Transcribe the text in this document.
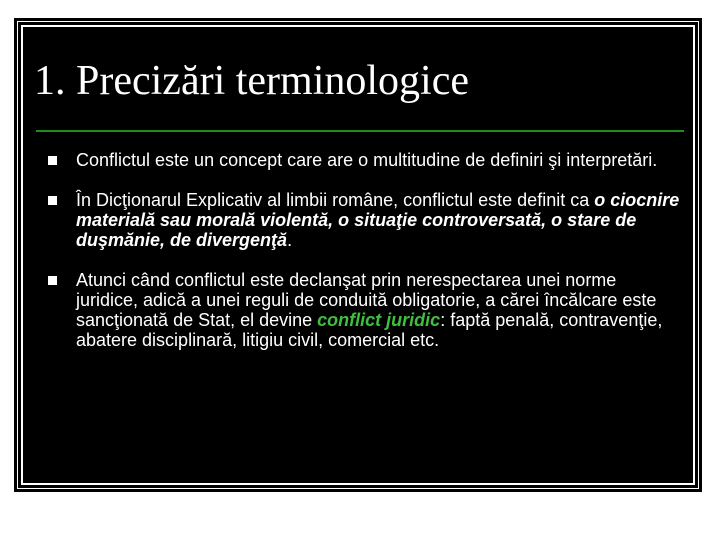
1. Precizări terminologice
Conflictul este un concept care are o multitudine de definiri şi interpretări.
În Dicţionarul Explicativ al limbii române, conflictul este definit ca o ciocnire materială sau morală violentă, o situaţie controversată, o stare de duşmănie, de divergenţă.
Atunci când conflictul este declanşat prin nerespectarea unei norme juridice, adică a unei reguli de conduită obligatorie, a cărei încălcare este sancţionată de Stat, el devine conflict juridic: faptă penală, contravenţie, abatere disciplinară, litigiu civil, comercial etc.
